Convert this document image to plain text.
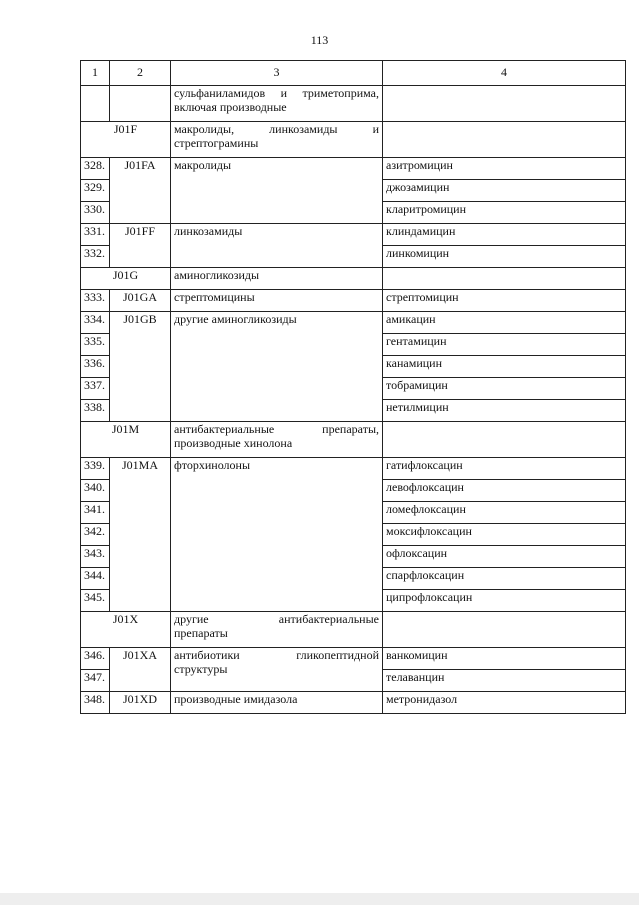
113
1	2	3	4

		сульфаниламидов и триметоприма,
включая производные	
J01F		макролиды, линкозамиды и
стрептограмины	
328.	J01FA	макролиды	азитромицин
329.			джозамицин
330.			кларитромицин
331.	J01FF	линкозамиды	клиндамицин
332.			линкомицин
J01G		аминогликозиды	
333.	J01GA	стрептомицины	стрептомицин
334.	J01GB	другие аминогликозиды	амикацин
335.			гентамицин
336.			канамицин
337.			тобрамицин
338.			нетилмицин
J01M		антибактериальные препараты,
производные хинолона	
339.	J01MA	фторхинолоны	гатифлоксацин
340.			левофлоксацин
341.			ломефлоксацин
342.			моксифлоксацин
343.			офлоксацин
344.			спарфлоксацин
345.			ципрофлоксацин
J01X		другие антибактериальные
препараты	
346.	J01XA	антибиотики гликопептидной
структуры	ванкомицин
347.			телаванцин
348.	J01XD	производные имидазола	метронидазол
